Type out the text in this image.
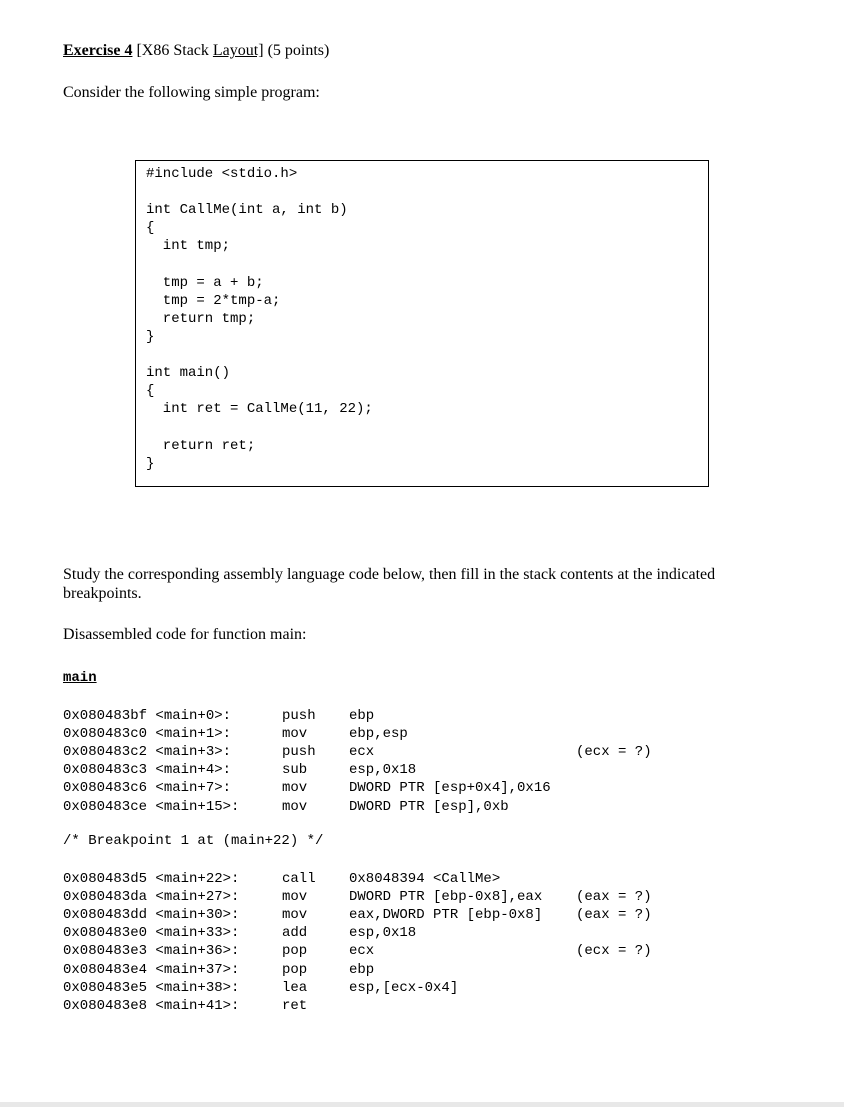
Exercise 4 [X86 Stack Layout] (5 points)
Consider the following simple program:
#include <stdio.h>
int CallMe(int a, int b)
{
int tmp;
tmp = a + b;
tmp = 2*tmp-a;
return tmp;
}
int main()
{
int ret = CallMe(11, 22);
return ret;
}
Study the corresponding assembly language code below, then fill in the stack contents at the indicated breakpoints.
Disassembled code for function main:
main
0x080483bf <main+0>:	push ebp
0x080483c0 <main+1>:	mov	ebp,esp
0x080483c2 <main+3>:	push ecx	(ecx = ?)
0x080483c3 <main+4>:	sub	esp,0x18
0x080483c6 <main+7>:	mov	DWORD PTR [esp+0x4],0x16
0x080483ce <main+15>:	mov	DWORD PTR [esp],0xb
/* Breakpoint 1 at (main+22) */
0x080483d5 <main+22>:	call 0x8048394 <CallMe>
0x080483da <main+27>:	mov	DWORD PTR [ebp-0x8],eax (eax = ?)
0x080483dd <main+30>:	mov	eax,DWORD PTR [ebp-0x8] (eax = ?)
0x080483e0 <main+33>:	add	esp,0x18
0x080483e3 <main+36>:	pop	ecx	(ecx = ?)
0x080483e4 <main+37>:	pop	ebp
0x080483e5 <main+38>:	lea	esp,[ecx-0x4]
0x080483e8 <main+41>:	ret
